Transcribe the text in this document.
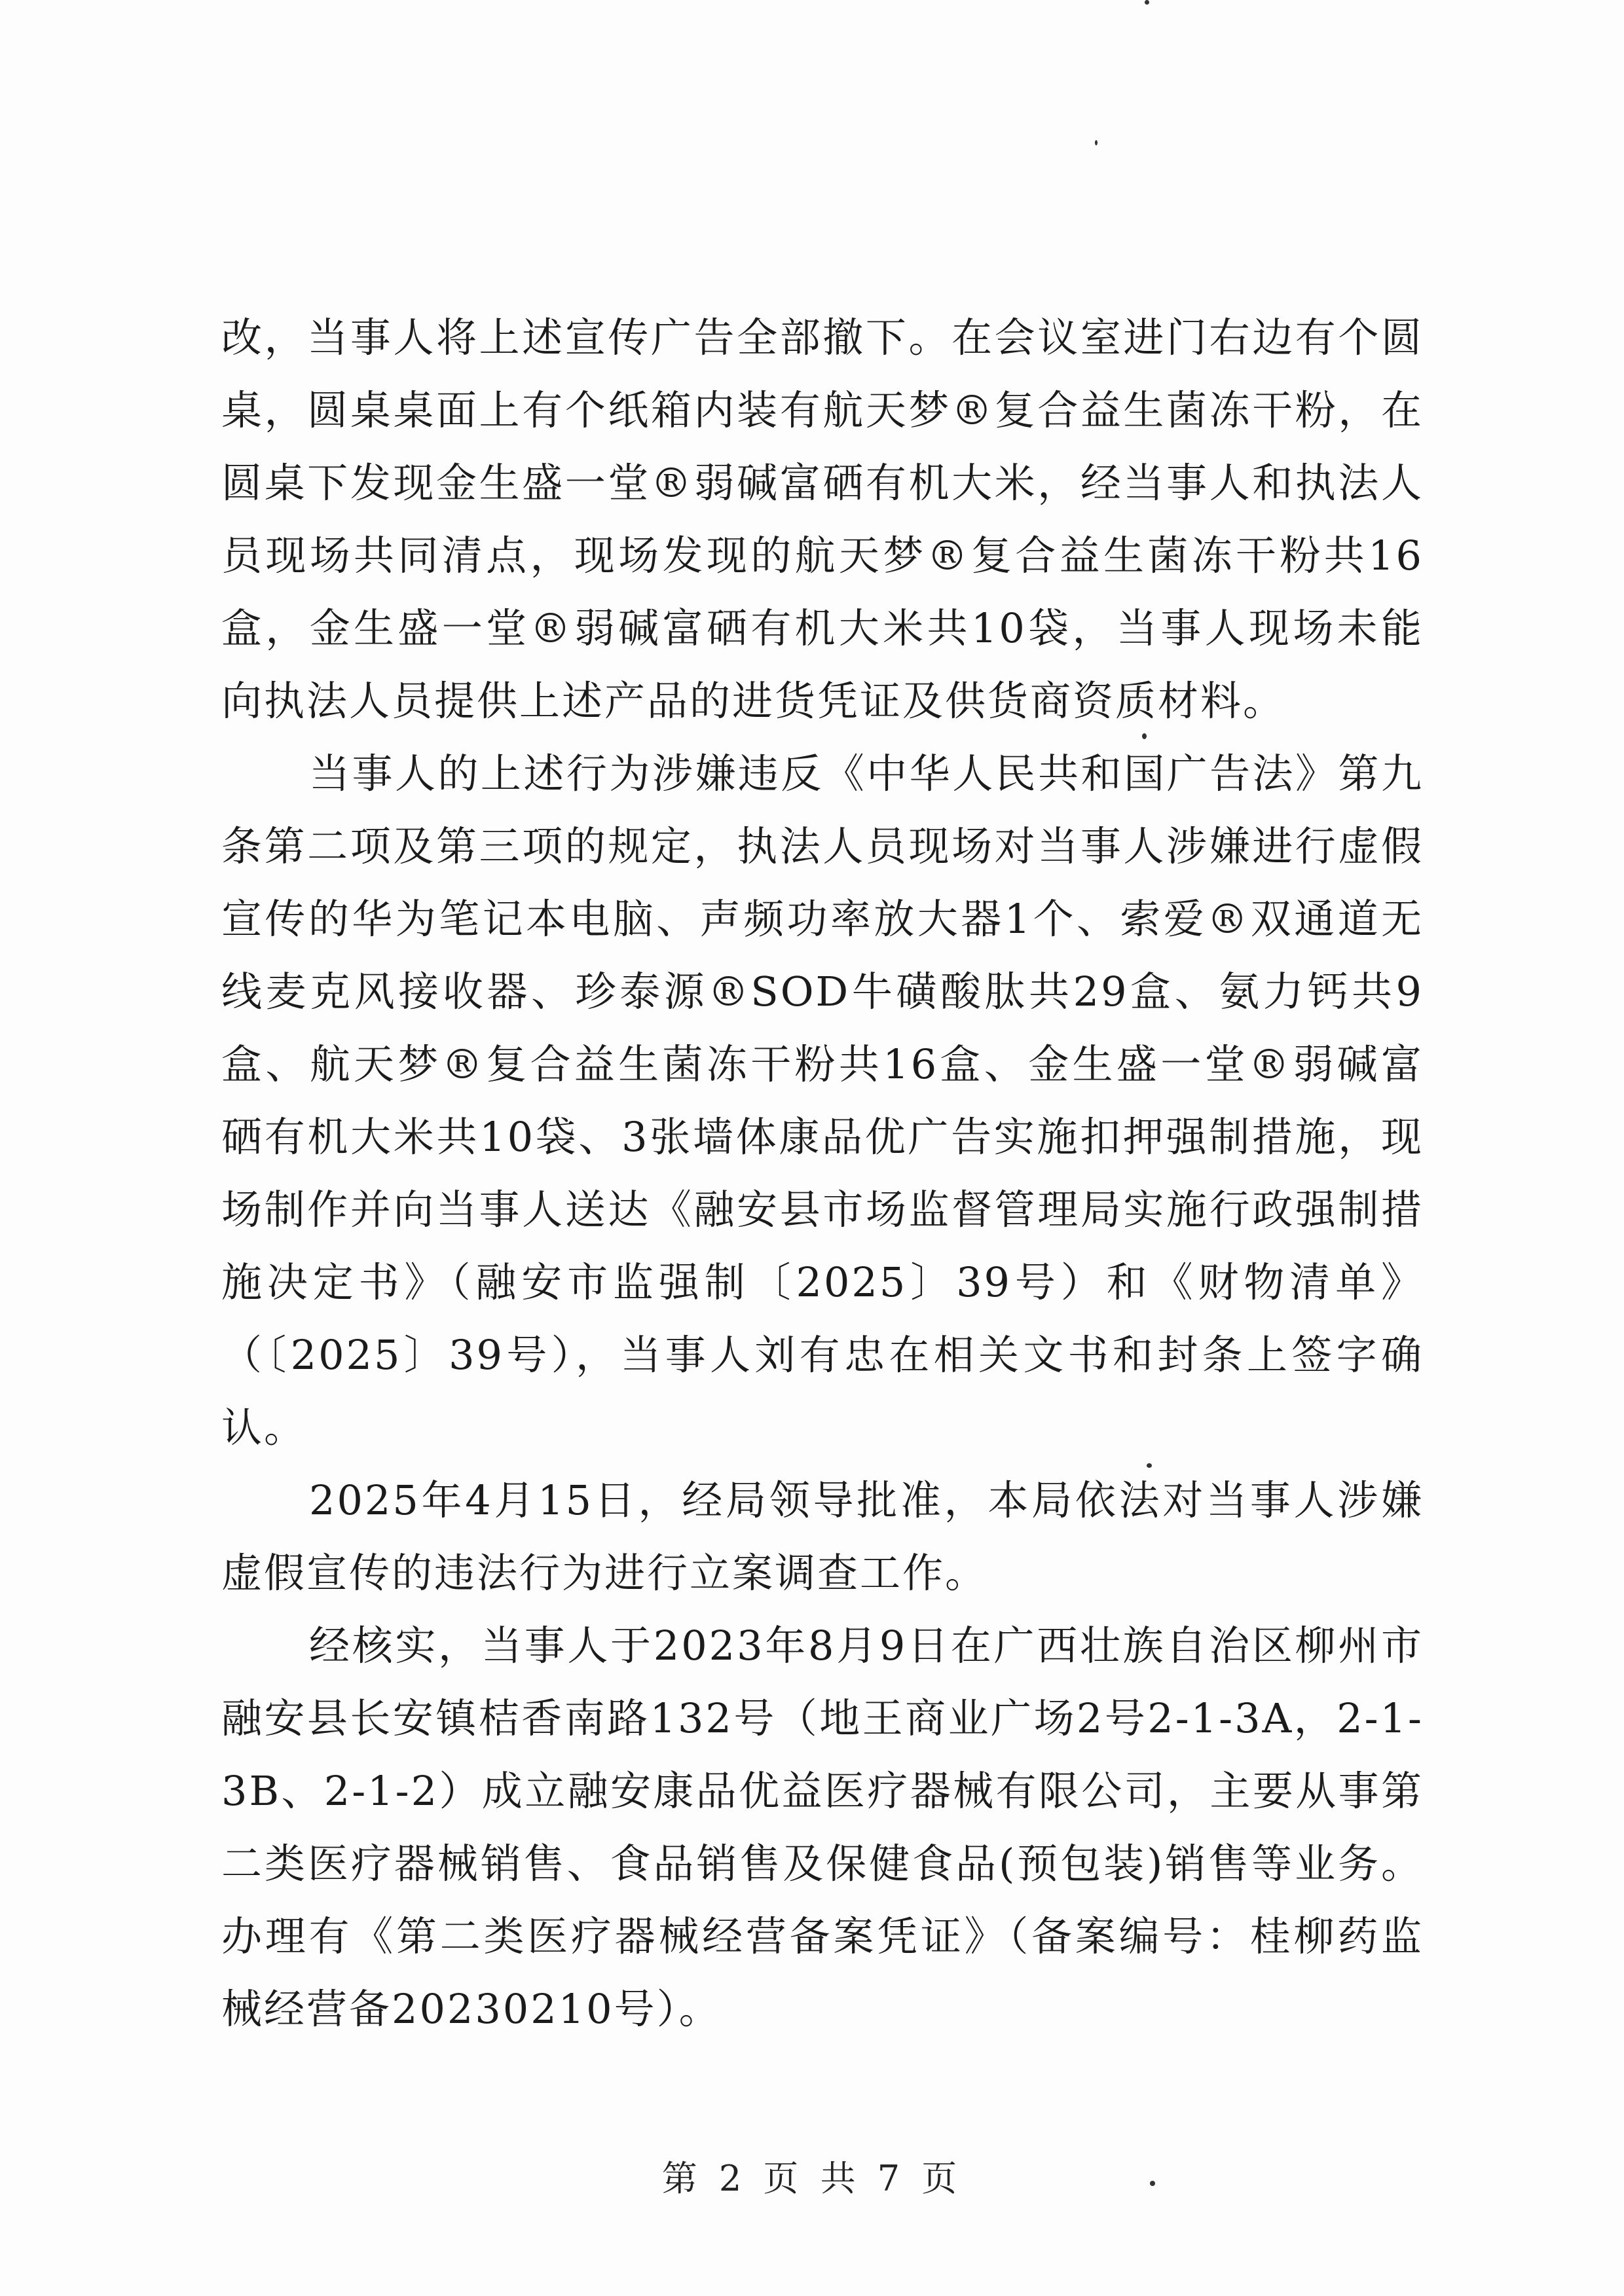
改，当事人将上述宣传广告全部撤下。在会议室进门右边有个圆桌，圆桌桌面上有个纸箱内装有航天梦®复合益生菌冻干粉，在圆桌下发现金生盛一堂®弱碱富硒有机大米，经当事人和执法人员现场共同清点，现场发现的航天梦®复合益生菌冻干粉共16盒，金生盛一堂®弱碱富硒有机大米共10袋，当事人现场未能向执法人员提供上述产品的进货凭证及供货商资质材料。

当事人的上述行为涉嫌违反《中华人民共和国广告法》第九条第二项及第三项的规定，执法人员现场对当事人涉嫌进行虚假宣传的华为笔记本电脑、声频功率放大器1个、索爱®双通道无线麦克风接收器、珍泰源®SOD牛磺酸肽共29盒、氨力钙共9盒、航天梦®复合益生菌冻干粉共16盒、金生盛一堂®弱碱富硒有机大米共10袋、3张墙体康品优广告实施扣押强制措施，现场制作并向当事人送达《融安县市场监督管理局实施行政强制措施决定书》（融安市监强制〔2025〕39号）和《财物清单》（〔2025〕39号），当事人刘有忠在相关文书和封条上签字确认。

2025年4月15日，经局领导批准，本局依法对当事人涉嫌虚假宣传的违法行为进行立案调查工作。

经核实，当事人于2023年8月9日在广西壮族自治区柳州市融安县长安镇桔香南路132号（地王商业广场2号2-1-3A，2-1-3B、2-1-2）成立融安康品优益医疗器械有限公司，主要从事第二类医疗器械销售、食品销售及保健食品(预包装)销售等业务。办理有《第二类医疗器械经营备案凭证》（备案编号：桂柳药监械经营备20230210号）。

第 2 页 共 7 页
